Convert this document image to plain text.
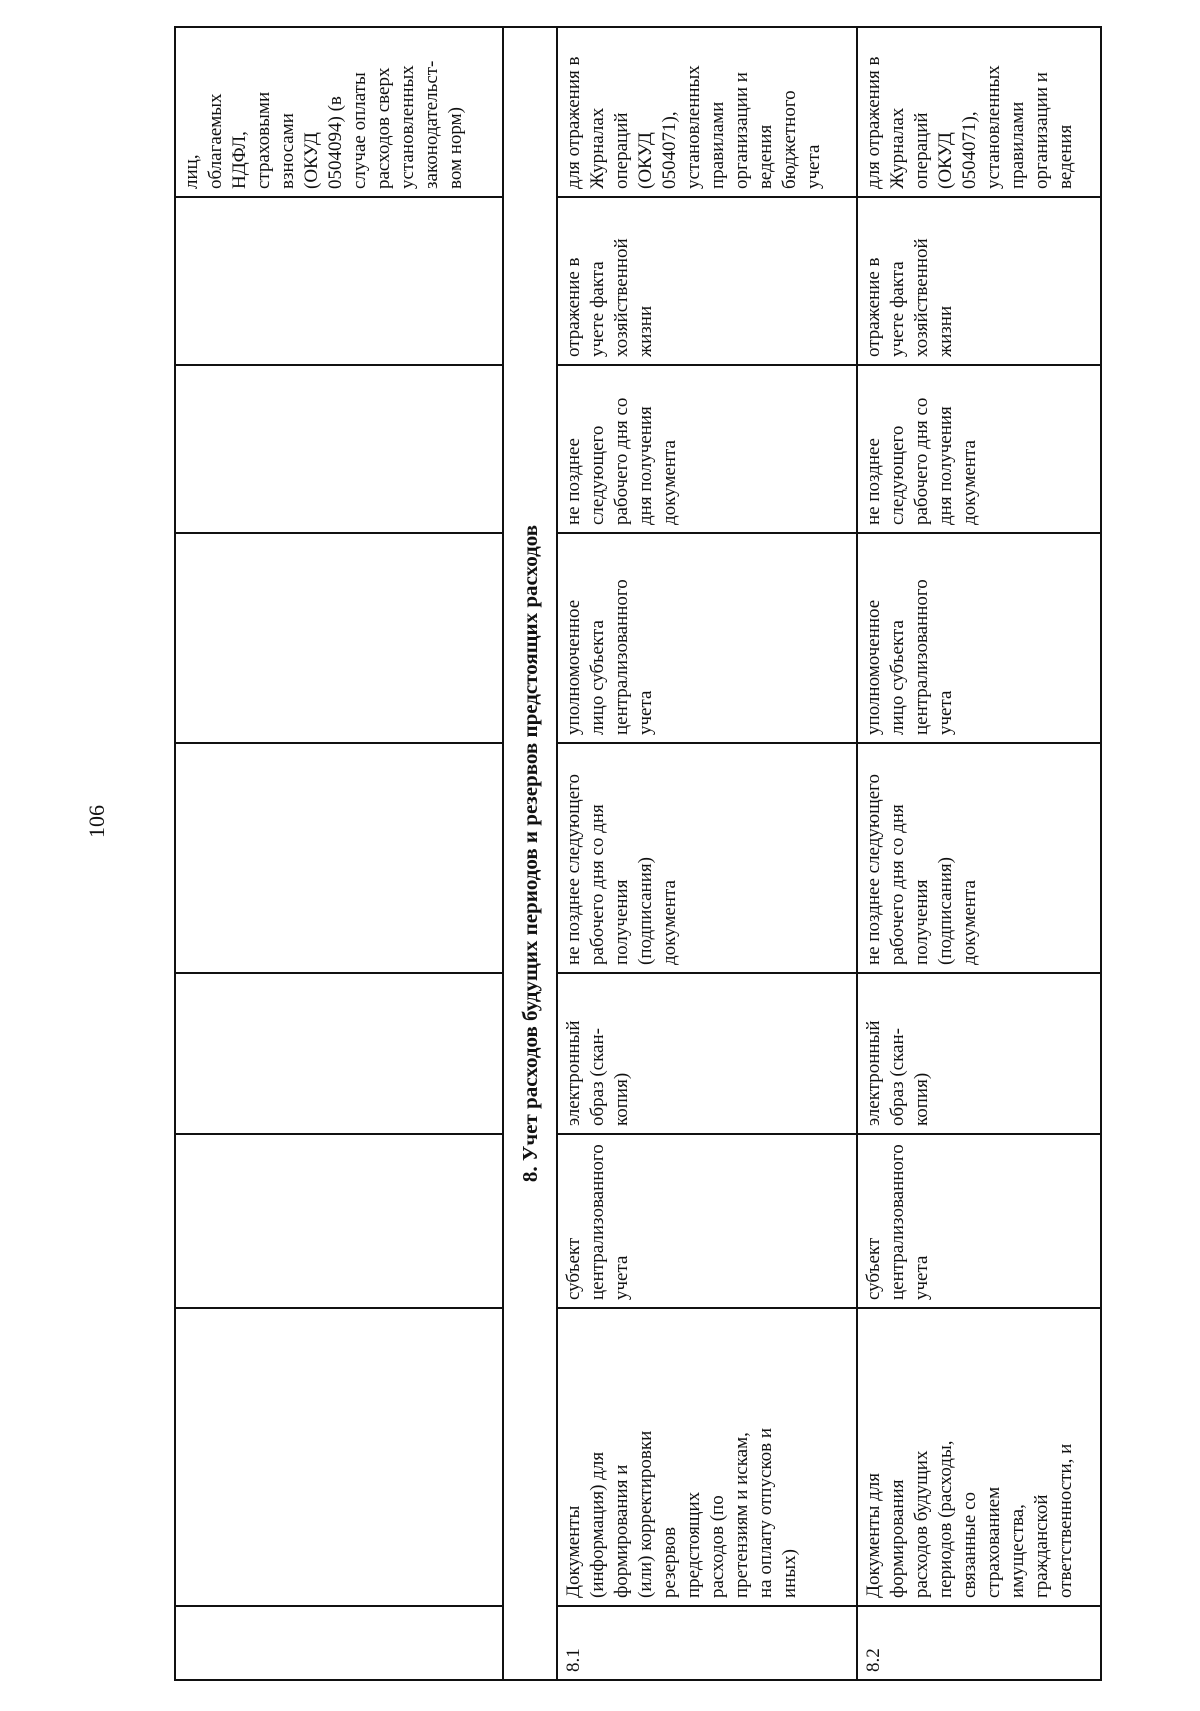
106
лиц,
облагаемых
НДФЛ,
страховыми
взносами
(ОКУД
0504094) (в
случае оплаты
расходов сверх
установленных
законодательст-
вом норм)
8. Учет расходов будущих периодов и резервов предстоящих расходов
8.1
Документы
(информация) для
формирования и
(или) корректировки
резервов
предстоящих
расходов (по
претензиям и искам,
на оплату отпусков и
иных)
субъект
централизованного
учета
электронный
образ (скан-
копия)
не позднее следующего
рабочего дня со дня
получения
(подписания)
документа
уполномоченное
лицо субъекта
централизованного
учета
не позднее
следующего
рабочего дня со
дня получения
документа
отражение в
учете факта
хозяйственной
жизни
для отражения в
Журналах
операций
(ОКУД
0504071),
установленных
правилами
организации и
ведения
бюджетного
учета
8.2
Документы для
формирования
расходов будущих
периодов (расходы,
связанные со
страхованием
имущества,
гражданской
ответственности, и
субъект
централизованного
учета
электронный
образ (скан-
копия)
не позднее следующего
рабочего дня со дня
получения
(подписания)
документа
уполномоченное
лицо субъекта
централизованного
учета
не позднее
следующего
рабочего дня со
дня получения
документа
отражение в
учете факта
хозяйственной
жизни
для отражения в
Журналах
операций
(ОКУД
0504071),
установленных
правилами
организации и
ведения
